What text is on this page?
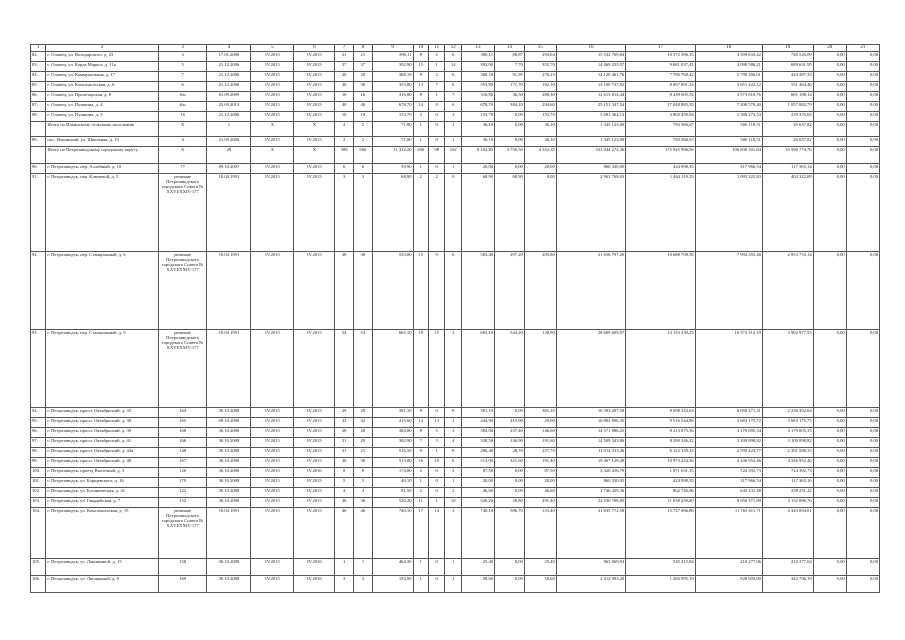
1	2	3	4	5	6	7	8	9	10	11	12	13	14	15	16	17	18	19	20	21
82.	г. Олонец, ул. Володарского, д. 23	3	17.01.2008	IV.2015	IV.2015	21	21	390,11	8	2	6	390,11	88,87	293,04	15 532 769,84	10 372 396,33	4 599 833,42	740 520,09	0,00	0,00
83.	г. Олонец, ул. Карла Маркса, д. 11а	5	21.12.2006	IV.2015	IV.2015	37	37	392,90	15	1	14	392,90	7,70	355,70	14 469 255,57	9 681 037,41	4 098 586,21	689 631,95	0,00	0,00
84.	г. Олонец, ул. Коммунальная, д. 17	7	21.12.2006	IV.2015	IV.2015	20	20	368,18	8	2	6	368,18	91,95	276,23	14 120 461,76	7 786 768,42	5 790 306,01	443 387,33	0,00	0,00
85.	г. Олонец, ул. Комсомольская, д. 6	6	21.12.2006	IV.2015	IV.2015	30	30	353,80	13	7	6	353,80	171,70	182,10	13 100 737,82	8 897 891,24	3 651 422,12	551 464,46	0,00	0,00
86.	г. Олонец, ул. Пролетарская, д. 8	6/н	01.09.2009	IV.2015	IV.2015	16	16	316,80	8	1	7	316,80	36,50	280,30	12 613 814,44	8 439 605,54	3 573 010,76	601 198,14	0,00	0,00
87.	г. Олонец, ул. Пушкина, д. 4	6/н	25.05.2013	IV.2015	IV.2015	40	40	678,70	14	8	6	678,70	384,10	294,60	25 151 347,54	17 048 885,35	7 208 579,40	1 057 882,79	0,00	0,00
88.	г. Олонец, ул. Пушкина, д. 5	16	21.12.2006	IV.2015	IV.2015	10	10	153,70	3	0	3	153,70	0,00	153,70	5 691 364,13	3 865 459,94	1 586 273,54	239 370,65	0,00	0,00
	Итого по Ильинскому сельскому поселению	X	1	X	X	2	2	71,80	1	0	1	36,10	0,00	36,10	1 345 123,00	783 366,67	506 118,51	26 637,82	0,00	0,00
89.	пос. Ильинский, ул. Школьная, д. 19	4	21.09.2006	IV.2015	IV.2015	2	2	71,80	1	0	1	36,10	0,00	36,10	1 345 123,00	783 366,67	506 118,51	26 637,82	0,00	0,00
	Итого по Петрозаводскому городскому округу	X	29	X	X	589	566	11 312,20	200	98	102	8 102,85	3 750,50	4 352,35	333 944 272,36	175 925 996,56	106 830 501,84	35 590 774,76	0,00	0,00
90.	г. Петрозаводск, пер. Аллейный, д. 10	77	09.10.2007	IV.2015	IV.2015	6	6	39,90	1	0	1	20,00	0,00	20,00	860 330,00	424 998,35	317 966,54	117 365,14	0,00	0,00
91.	г. Петрозаводск, пер. Ключевой, д. 5	решение Петрозаводского городского Совета № XXVI/XXIV-177	18.04.1991	IV.2015	IV.2015	3	3	68,90	2	2	0	68,90	68,90	0,00	2 963 768,03	1 464 119,33	1 095 325,83	404 322,89	0,00	0,00
92.	г. Петрозаводск, пер. Станционный, д. 6	решение Петрозаводского городского Совета № XXVI/XXIV-177	18.04.1991	IV.2015	IV.2015	38	38	533,00	15	9	6	503,40	297,20	205,80	21 656 797,20	10 688 708,58	7 994 355,48	2 953 733,14	0,00	0,00
93.	г. Петрозаводск, пер. Станционный, д. 9	решение Петрозаводского городского Совета № XXVI/XXIV-177	18.04.1991	IV.2015	IV.2015	54	54	665,10	18	15	3	665,10	544,20	120,90	28 609 609,97	14 133 330,23	10 573 312,19	3 902 977,55	0,00	0,00
94.	г. Петрозаводск, просп. Октябрьский, д. 35	164	30.10.2008	IV.2015	IV.2015	29	29	381,10	8	0	8	381,10	0,00	381,10	16 393 207,58	8 098 343,63	6 058 471,31	2 236 392,64	0,00	0,00
95.	г. Петрозаводск, просп. Октябрьский, д. 38	165	08.10.2008	IV.2015	IV.2015	32	32	415,60	14	13	1	444,90	415,90	29,00	16 882 896,35	9 516 544,88	3 683 175,72	3 683 175,75	0,00	0,00
96.	г. Петрозаводск, просп. Октябрьский, д. 39	168	30.10.2008	IV.2015	IV.2015	28	28	384,00	8	5	3	384,00	237,40	146,60	14 571 886,25	8 213 875,36	3 179 005,34	3 179 005,35	0,00	0,00
97.	г. Петрозаводск, просп. Октябрьский, д. 41	166	30.10.2008	IV.2015	IV.2015	31	29	382,90	7	3	4	338,50	146,90	191,60	14 509 343,86	8 290 346,22	3 109 898,82	3 109 898,82	0,00	0,00
98.	г. Петрозаводск, просп. Октябрьский, д. 44а	148	30.10.2008	IV.2015	IV.2015	31	21	516,50	9	1	8	286,40	28,70	257,70	11 014 333,46	6 122 139,14	2 590 423,77	2 301 588,35	0,00	0,00
99.	г. Петрозаводск, просп. Октябрьский, д. 48	167	30.10.2008	IV.2015	IV.2015	30	30	513,00	16	10	6	513,00	321,60	191,40	19 467 129,28	10 973 224,36	4 246 952,46	4 246 952,46	0,00	0,00
100.	г. Петрозаводск, проезд Высотный, д. 3	126	30.10.2008	IV.2015	IV.2016	8	8	174,00	2	0	2	87,50	0,00	87,50	3 320 416,79	1 871 631,33	724 392,73	724 392,73	0,00	0,00
101.	г. Петрозаводск, ул. Борщевского, д. 16	170	30.10.2008	IV.2015	IV.2015	5	5	40,10	1	0	1	20,00	0,00	20,00	860 330,05	424 998,35	317 966,54	117 365,16	0,00	0,00
102.	г. Петрозаводск, ул. Ботаническая, д. 41	122	30.10.2008	IV.2015	IV.2015	4	4	81,50	2	0	2	46,60	0,00	46,60	1 746 429,36	862 746,06	645 431,48	238 251,22	0,00	0,00
103.	г. Петрозаводск, ул. Гвардейская, д. 7	152	30.10.2008	IV.2015	IV.2015	36	36	520,20	11	1	10	520,20	28,80	491,40	22 230 708,85	11 038 250,20	8 050 371,89	3 132 086,76	0,00	0,00
104.	г. Петрозаводск, ул. Комсомольская, д. 15	решение Петрозаводского городского Совета № XXVI/XXIV-177	18.04.1991	IV.2015	IV.2015	46	46	740,10	17	14	3	740,10	586,70	153,40	31 835 772,58	15 727 066,86	11 765 611,71	4 343 094,01	0,00	0,00
105.	г. Петрозаводск, ул. Ланшинной, д. 15	158	30.10.2008	IV.2015	IV.2016	1	1	464,30	1	0	1	25,40	0,00	25,40	963 069,94	545 315,84	210 277,06	210 277,04	0,00	0,00
106.	г. Петрозаводск, ул. Лисицыной, д. 9	169	30.10.2008	IV.2015	IV.2016	3	3	194,90	1	0	1	58,60	0,00	58,60	2 312 393,28	1 260 995,19	928 603,90	342 706,19	0,00	0,00
